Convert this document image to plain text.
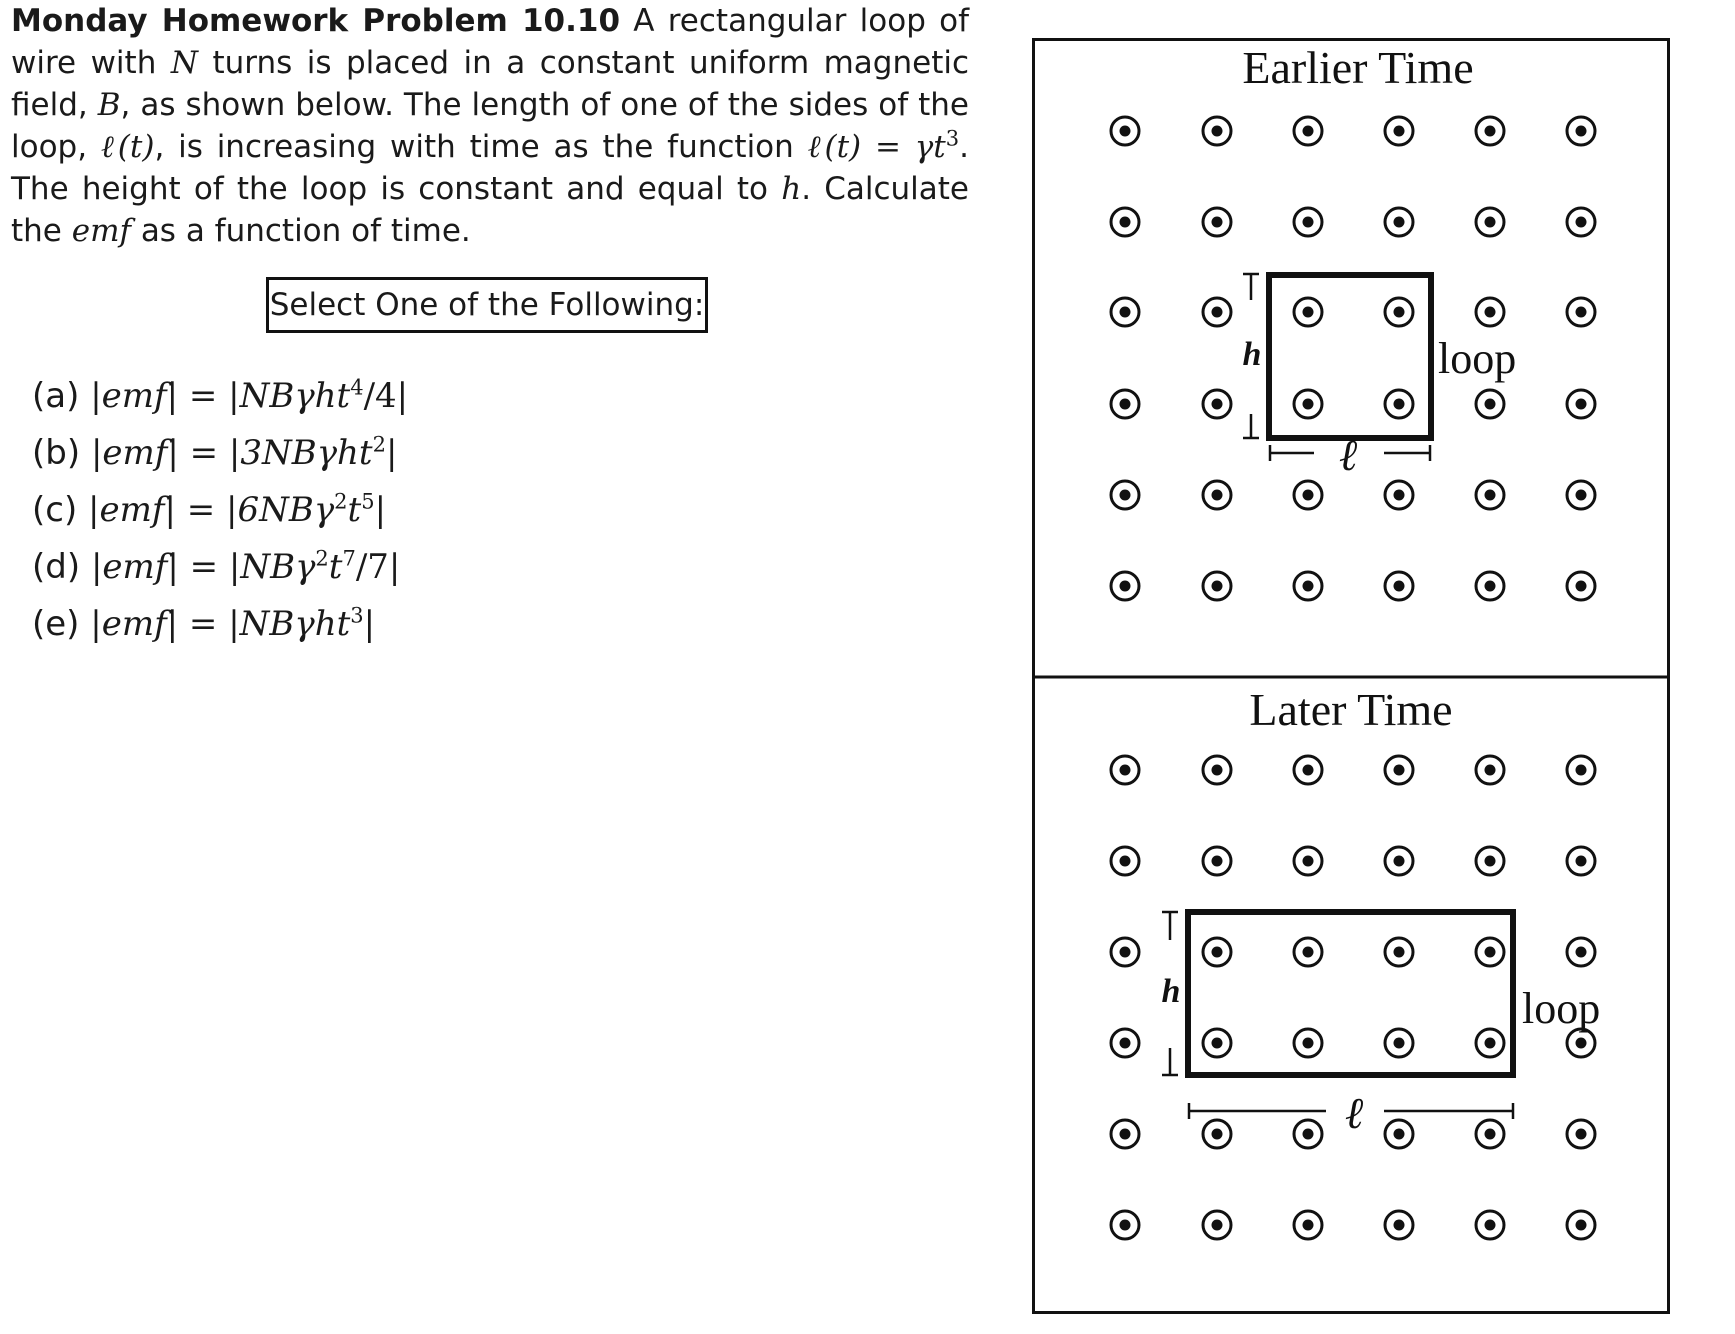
Monday Homework Problem 10.10 A rectangular loop of wire with N turns is placed in a constant uniform magnetic field, B, as shown below. The length of one of the sides of the loop, ℓ(t), is increasing with time as the function ℓ(t) = $\gamma t^3$. The height of the loop is constant and equal to h. Calculate the emf as a function of time.
Select One of the Following:
(a) |emf| = |NBγht$^4$/4|
(b) |emf| = |3NBγht$^2$|
(c) $|emf| = |6NB\gamma^2t^5|$
(d) $|emf| = |NB\gamma^2t^7/7|$
(e) |emf| = |NBγht$^3$|
Earlier Time
Later Time
h
ℓ
loop
h
ℓ
loop
